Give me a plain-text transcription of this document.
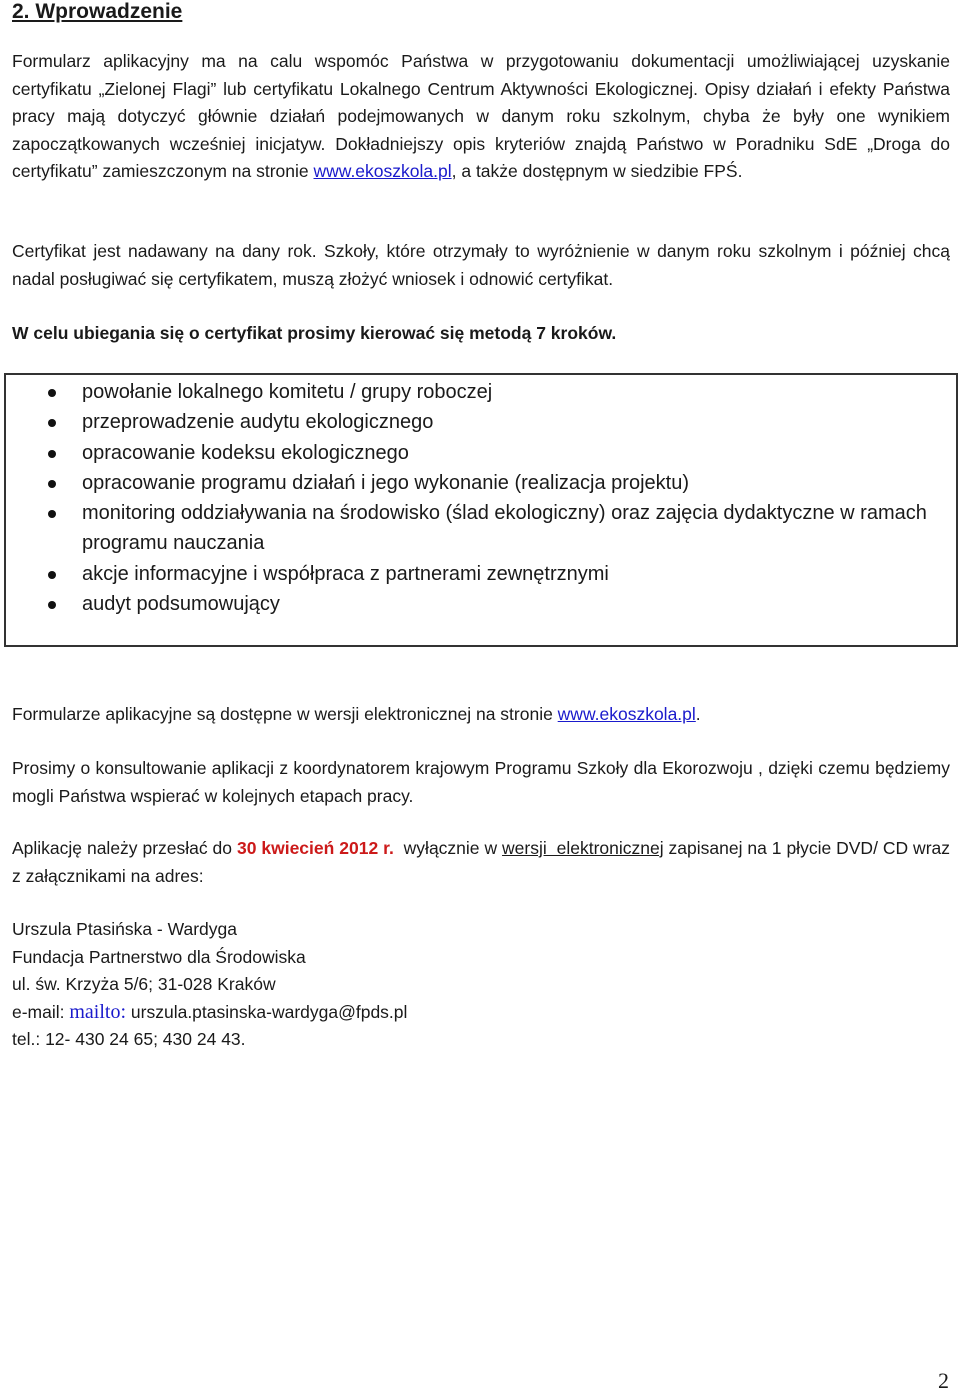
2. Wprowadzenie

Formularz aplikacyjny ma na calu wspomóc Państwa w przygotowaniu dokumentacji umożliwiającej uzyskanie certyfikatu „Zielonej Flagi” lub certyfikatu Lokalnego Centrum Aktywności Ekologicznej. Opisy działań i efekty Państwa pracy mają dotyczyć głównie działań podejmowanych w danym roku szkolnym, chyba że były one wynikiem zapoczątkowanych wcześniej inicjatyw. Dokładniejszy opis kryteriów znajdą Państwo w Poradniku SdE „Droga do certyfikatu” zamieszczonym na stronie www.ekoszkola.pl, a także dostępnym w siedzibie FPŚ.

Certyfikat jest nadawany na dany rok. Szkoły, które otrzymały to wyróżnienie w danym roku szkolnym i później chcą nadal posługiwać się certyfikatem, muszą złożyć wniosek i odnowić certyfikat.

W celu ubiegania się o certyfikat prosimy kierować się metodą 7 kroków.

powołanie lokalnego komitetu / grupy roboczej
przeprowadzenie audytu ekologicznego
opracowanie kodeksu ekologicznego
opracowanie programu działań i jego wykonanie (realizacja projektu)
monitoring oddziaływania na środowisko (ślad ekologiczny) oraz zajęcia dydaktyczne w ramach programu nauczania
akcje informacyjne i współpraca z partnerami zewnętrznymi
audyt podsumowujący

Formularze aplikacyjne są dostępne w wersji elektronicznej na stronie www.ekoszkola.pl.

Prosimy o konsultowanie aplikacji z koordynatorem krajowym Programu Szkoły dla Ekorozwoju , dzięki czemu będziemy mogli Państwa wspierać w kolejnych etapach pracy.

Aplikację należy przesłać do 30 kwiecień 2012 r.  wyłącznie w wersji  elektronicznej zapisanej na 1 płycie DVD/ CD wraz z załącznikami na adres:

Urszula Ptasińska - Wardyga
Fundacja Partnerstwo dla Środowiska
ul. św. Krzyża 5/6; 31-028 Kraków
e-mail: mailto: urszula.ptasinska-wardyga@fpds.pl
tel.: 12- 430 24 65; 430 24 43.
2
